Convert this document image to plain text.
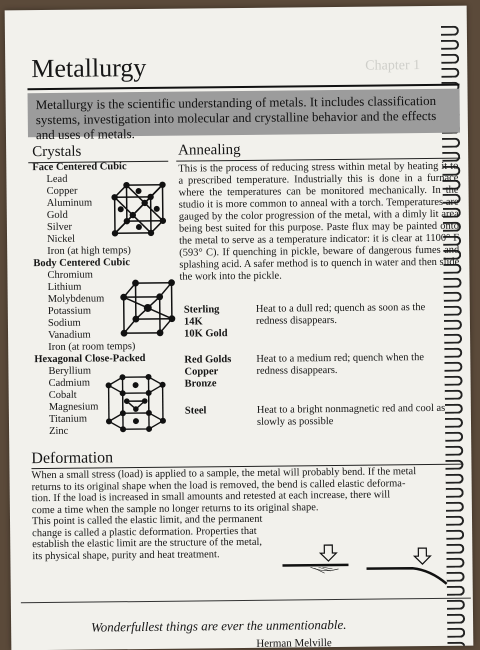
Chapter 1
Metallurgy
Metallurgy is the scientific understanding of metals. It includes classification systems, investigation into molecular and crystalline behavior and the effects and uses of metals.
Crystals	Annealing
Face Centered Cubic
Lead
Copper
Aluminum
Gold
Silver
Nickel
Iron (at high temps)
Body Centered Cubic
Chromium
Lithium
Molybdenum
Potassium
Sodium
Vanadium
Iron (at room temps)
Hexagonal Close-Packed
Beryllium
Cadmium
Cobalt
Magnesium
Titanium
Zinc
This is the process of reducing stress within metal by heating it to a prescribed temperature. Industrially this is done in a furnace where the temperatures can be monitored mechanically. In the studio it is more common to anneal with a torch. Temperatures are gauged by the color progression of the metal, with a dimly lit area being best suited for this purpose. Paste flux may be painted onto the metal to serve as a temperature indicator: it is clear at 1100° F (593° C). If quenching in pickle, beware of dangerous fumes and splashing acid. A safer method is to quench in water and then slide the work into the pickle.
Sterling
14K
10K Gold
Heat to a dull red; quench as soon as the redness disappears.
Red Golds
Copper
Bronze
Heat to a medium red; quench when the redness disappears.
Steel	Heat to a bright nonmagnetic red and cool as slowly as possible
Deformation
When a small stress (load) is applied to a sample, the metal will probably bend. If the metal
returns to its original shape when the load is removed, the bend is called elastic deforma-
tion. If the load is increased in small amounts and retested at each increase, there will
come a time when the sample no longer returns to its original shape.
This point is called the elastic limit, and the permanent
change is called a plastic deformation. Properties that
establish the elastic limit are the structure of the metal,
its physical shape, purity and heat treatment.
Wonderfullest things are ever the unmentionable.
Herman Melville
